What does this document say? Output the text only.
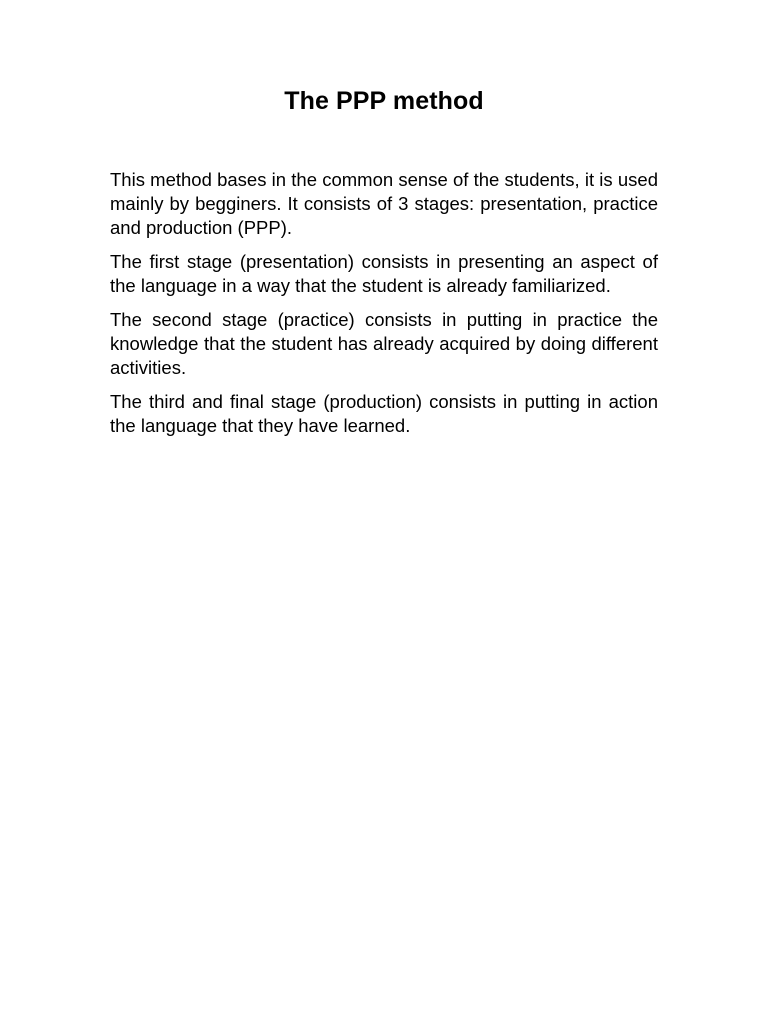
The PPP method

This method bases in the common sense of the students, it is used mainly by begginers. It consists of 3 stages: presentation, practice and production (PPP).

The first stage (presentation) consists in presenting an aspect of the language in a way that the student is already familiarized.

The second stage (practice) consists in putting in practice the knowledge that the student has already acquired by doing different activities.

The third and final stage (production) consists in putting in action the language that they have learned.
